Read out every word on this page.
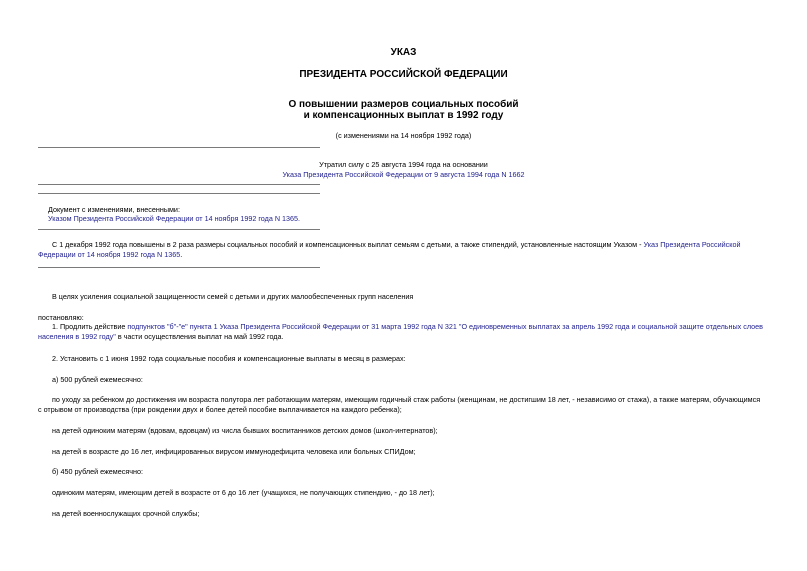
УКАЗ
ПРЕЗИДЕНТА РОССИЙСКОЙ ФЕДЕРАЦИИ
О повышении размеров социальных пособий
и компенсационных выплат в 1992 году
(с изменениями на 14 ноября 1992 года)
Утратил силу с 25 августа 1994 года на основании
Указа Президента Российской Федерации от 9 августа 1994 года N 1662
Документ с изменениями, внесенными:
Указом Президента Российской Федерации от 14 ноября 1992 года N 1365.
С 1 декабря 1992 года повышены в 2 раза размеры социальных пособий и компенсационных выплат семьям с детьми, а также стипендий, установленные настоящим Указом - Указ Президента Российской
Федерации от 14 ноября 1992 года N 1365.
В целях усиления социальной защищенности семей с детьми и других малообеспеченных групп населения
постановляю:
1. Продлить действие подпунктов "б"-"е" пункта 1 Указа Президента Российской Федерации от 31 марта 1992 года N 321 "О единовременных выплатах за апрель 1992 года и социальной защите отдельных слоев
населения в 1992 году" в части осуществления выплат на май 1992 года.
2. Установить с 1 июня 1992 года социальные пособия и компенсационные выплаты в месяц в размерах:
а) 500 рублей ежемесячно:
по уходу за ребенком до достижения им возраста полутора лет работающим матерям, имеющим годичный стаж работы (женщинам, не достигшим 18 лет, - независимо от стажа), а также матерям, обучающимся
с отрывом от производства (при рождении двух и более детей пособие выплачивается на каждого ребенка);
на детей одиноким матерям (вдовам, вдовцам) из числа бывших воспитанников детских домов (школ-интернатов);
на детей в возрасте до 16 лет, инфицированных вирусом иммунодефицита человека или больных СПИДом;
б) 450 рублей ежемесячно:
одиноким матерям, имеющим детей в возрасте от 6 до 16 лет (учащихся, не получающих стипендию, - до 18 лет);
на детей военнослужащих срочной службы;
